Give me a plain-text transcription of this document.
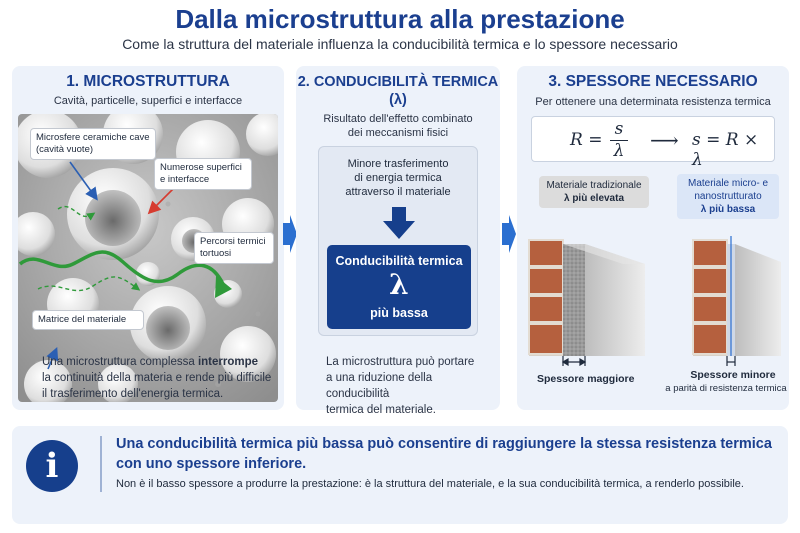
Dalla microstruttura alla prestazione
Come la struttura del materiale influenza la conducibilità termica e lo spessore necessario
1. MICROSTRUTTURA
Cavità, particelle, superfici e interfacce
Microsfere ceramiche cave
(cavità vuote)
Numerose superfici
e interfacce
Percorsi termici
tortuosi
Matrice del materiale
Una microstruttura complessa interrompe
la continuità della materia e rende più difficile
il trasferimento dell'energia termica.
2. CONDUCIBILITÀ TERMICA
(λ)
Risultato dell'effetto combinato
dei meccanismi fisici
Minore trasferimento
di energia termica
attraverso il materiale
Conducibilità termica
λ
più bassa
La microstruttura può portare
a una riduzione della conducibilità
termica del materiale.
3. SPESSORE NECESSARIO
Per ottenere una determinata resistenza termica
R =
s
λ ⟶ s = R × λ
Materiale tradizionale
λ più elevata
Materiale micro- e
nanostrutturato
λ più bassa
Spessore maggiore	Spessore minore
a parità di resistenza termica
i
Una conducibilità termica più bassa può consentire di raggiungere la stessa resistenza termica
con uno spessore inferiore.
Non è il basso spessore a produrre la prestazione: è la struttura del materiale, e la sua conducibilità termica, a renderlo possibile.
